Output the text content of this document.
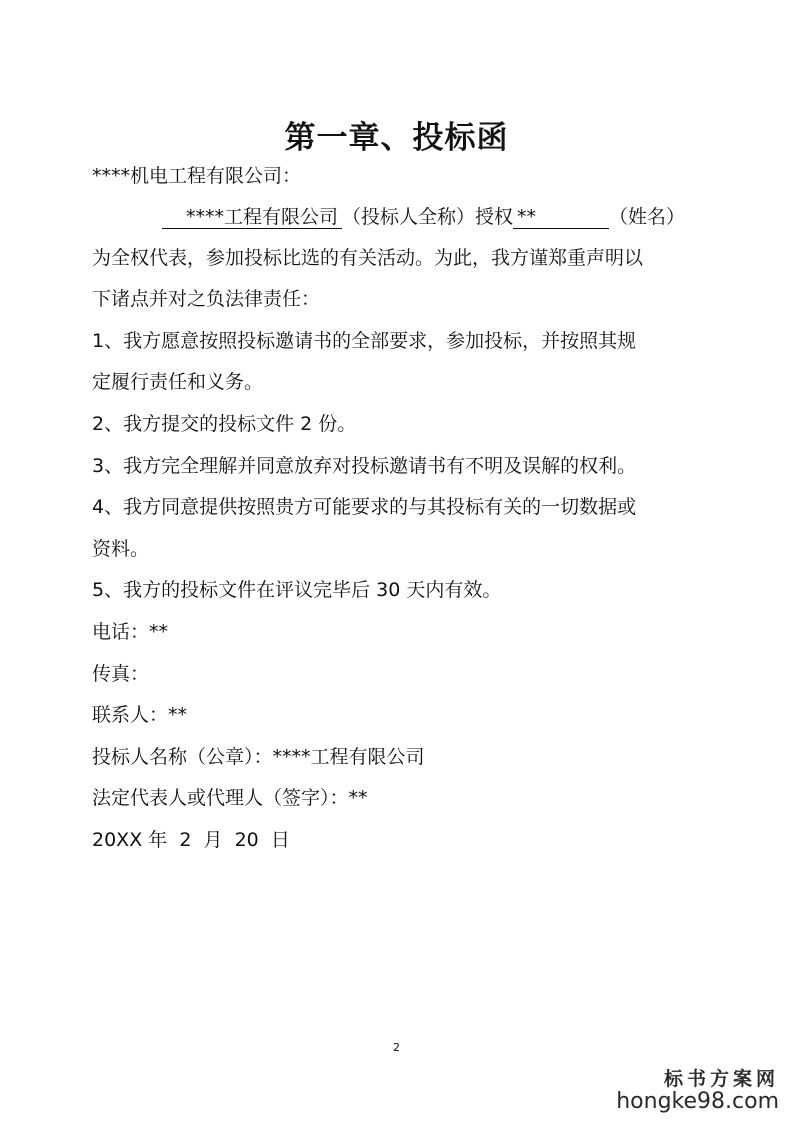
第一章、投标函
****机电工程有限公司：
****工程有限公司 （投标人全称）授权 **	（姓名）
为全权代表，参加投标比选的有关活动。为此，我方谨郑重声明以
下诸点并对之负法律责任：
1、我方愿意按照投标邀请书的全部要求，参加投标，并按照其规
定履行责任和义务。
2、我方提交的投标文件 2 份。
3、我方完全理解并同意放弃对投标邀请书有不明及误解的权利。
4、我方同意提供按照贵方可能要求的与其投标有关的一切数据或
资料。
5、我方的投标文件在评议完毕后 30 天内有效。
电话：**
传真：
联系人：**
投标人名称（公章）：****工程有限公司
法定代表人或代理人（签字）：**
20XX 年  2  月  20  日
2
标书方案网
hongke98.com
